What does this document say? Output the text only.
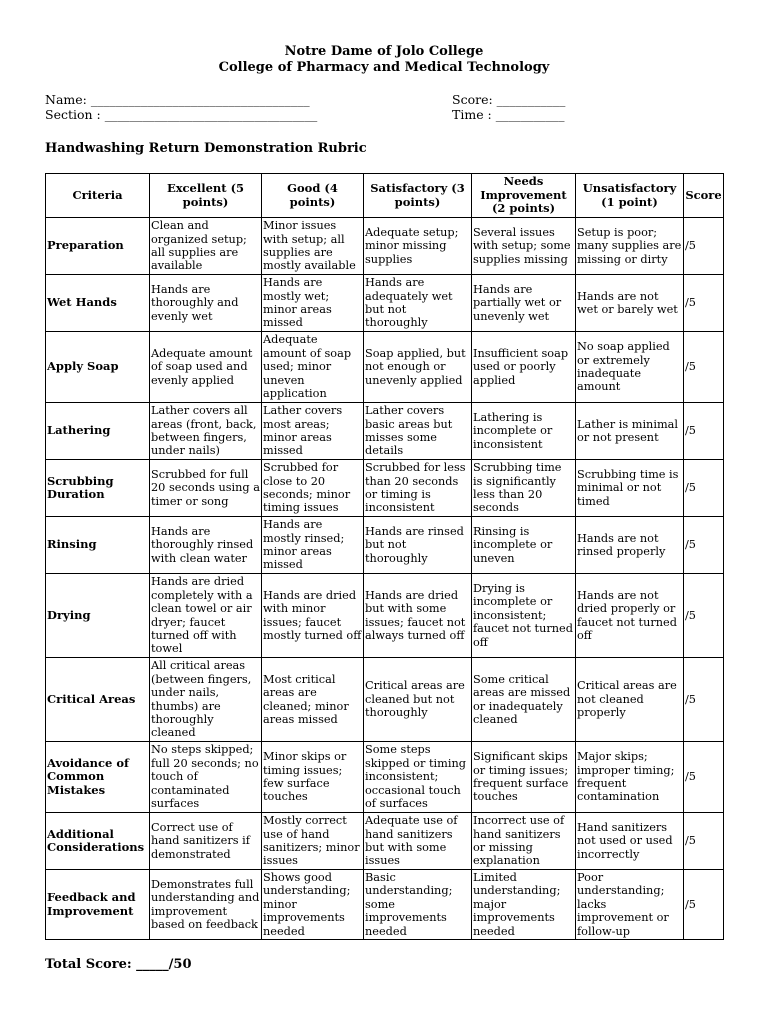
Notre Dame of Jolo College
College of Pharmacy and Medical Technology
Name: ___________________________________	Score: ___________
Section : __________________________________	Time : ___________
Handwashing Return Demonstration Rubric
Criteria	Excellent (5 points)	Good (4 points)	Satisfactory (3 points)	Needs Improvement (2 points)	Unsatisfactory (1 point)	Score
Preparation	Clean and organized setup; all supplies are available	Minor issues with setup; all supplies are mostly available	Adequate setup; minor missing supplies	Several issues with setup; some supplies missing	Setup is poor; many supplies are missing or dirty	/5
Wet Hands	Hands are thoroughly and evenly wet	Hands are mostly wet; minor areas missed	Hands are adequately wet but not thoroughly	Hands are partially wet or unevenly wet	Hands are not wet or barely wet	/5
Apply Soap	Adequate amount of soap used and evenly applied	Adequate amount of soap used; minor uneven application	Soap applied, but not enough or unevenly applied	Insufficient soap used or poorly applied	No soap applied or extremely inadequate amount	/5
Lathering	Lather covers all areas (front, back, between fingers, under nails)	Lather covers most areas; minor areas missed	Lather covers basic areas but misses some details	Lathering is incomplete or inconsistent	Lather is minimal or not present	/5
Scrubbing Duration	Scrubbed for full 20 seconds using a timer or song	Scrubbed for close to 20 seconds; minor timing issues	Scrubbed for less than 20 seconds or timing is inconsistent	Scrubbing time is significantly less than 20 seconds	Scrubbing time is minimal or not timed	/5
Rinsing	Hands are thoroughly rinsed with clean water	Hands are mostly rinsed; minor areas missed	Hands are rinsed but not thoroughly	Rinsing is incomplete or uneven	Hands are not rinsed properly	/5
Drying	Hands are dried completely with a clean towel or air dryer; faucet turned off with towel	Hands are dried with minor issues; faucet mostly turned off	Hands are dried but with some issues; faucet not always turned off	Drying is incomplete or inconsistent; faucet not turned off	Hands are not dried properly or faucet not turned off	/5
Critical Areas	All critical areas (between fingers, under nails, thumbs) are thoroughly cleaned	Most critical areas are cleaned; minor areas missed	Critical areas are cleaned but not thoroughly	Some critical areas are missed or inadequately cleaned	Critical areas are not cleaned properly	/5
Avoidance of Common Mistakes	No steps skipped; full 20 seconds; no touch of contaminated surfaces	Minor skips or timing issues; few surface touches	Some steps skipped or timing inconsistent; occasional touch of surfaces	Significant skips or timing issues; frequent surface touches	Major skips; improper timing; frequent contamination	/5
Additional Considerations	Correct use of hand sanitizers if demonstrated	Mostly correct use of hand sanitizers; minor issues	Adequate use of hand sanitizers but with some issues	Incorrect use of hand sanitizers or missing explanation	Hand sanitizers not used or used incorrectly	/5
Feedback and Improvement	Demonstrates full understanding and improvement based on feedback	Shows good understanding; minor improvements needed	Basic understanding; some improvements needed	Limited understanding; major improvements needed	Poor understanding; lacks improvement or follow-up	/5
Total Score: _____/50
